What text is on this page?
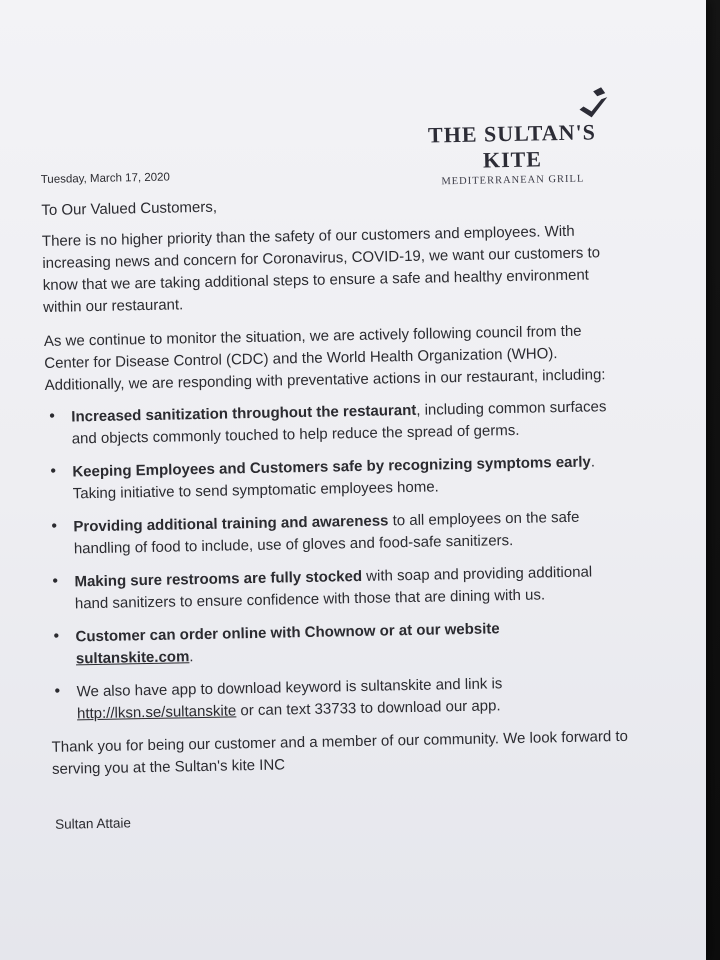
THE SULTAN'S KITE
MEDITERRANEAN GRILL
Tuesday, March 17, 2020
To Our Valued Customers,

There is no higher priority than the safety of our customers and employees. With increasing news and concern for Coronavirus, COVID-19, we want our customers to know that we are taking additional steps to ensure a safe and healthy environment within our restaurant.

As we continue to monitor the situation, we are actively following council from the Center for Disease Control (CDC) and the World Health Organization (WHO). Additionally, we are responding with preventative actions in our restaurant, including:

• Increased sanitization throughout the restaurant, including common surfaces and objects commonly touched to help reduce the spread of germs.
• Keeping Employees and Customers safe by recognizing symptoms early. Taking initiative to send symptomatic employees home.
• Providing additional training and awareness to all employees on the safe handling of food to include, use of gloves and food-safe sanitizers.
• Making sure restrooms are fully stocked with soap and providing additional hand sanitizers to ensure confidence with those that are dining with us.
• Customer can order online with Chownow or at our website sultanskite.com.
• We also have app to download keyword is sultanskite and link is http://lksn.se/sultanskite or can text 33733 to download our app.
Thank you for being our customer and a member of our community. We look forward to serving you at the Sultan's kite INC
Sultan Attaie
